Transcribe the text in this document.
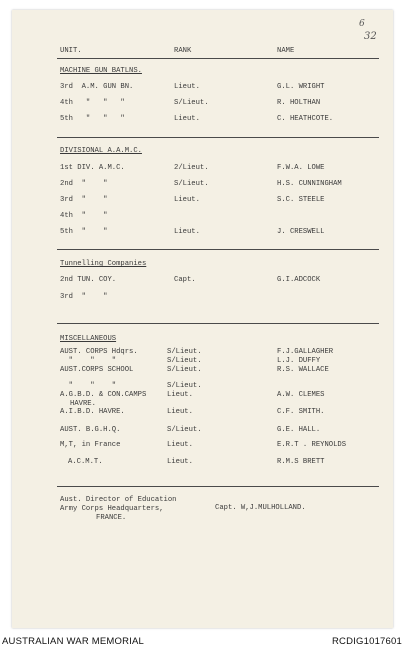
6
32
UNIT.	RANK	NAME
MACHINE GUN BATLNS.
3rd  A.M. GUN BN.	Lieut.	G.L. WRIGHT
4th   "   "   "	S/Lieut.	R. HOLTHAN
5th   "   "   "	Lieut.	C. HEATHCOTE.
DIVISIONAL A.A.M.C.
1st DIV. A.M.C.	2/Lieut.	F.W.A. LOWE
2nd  "    "	S/Lieut.	H.S. CUNNINGHAM
3rd  "    "	Lieut.	S.C. STEELE
4th  "    "
5th  "    "	Lieut.	J. CRESWELL
Tunnelling Companies
2nd TUN. COY.	Capt.	G.I.ADCOCK
3rd  "    "
MISCELLANEOUS
AUST. CORPS Hdqrs.	S/Lieut.	F.J.GALLAGHER
"    "    "	S/Lieut.	L.J. DUFFY
AUST.CORPS SCHOOL	S/Lieut.	R.S. WALLACE
"    "    "	S/Lieut.
A.G.B.D. & CON.CAMPS	Lieut.	A.W. CLEMES
HAVRE.
A.I.B.D. HAVRE.	Lieut.	C.F. SMITH.
AUST. B.G.H.Q.	S/Lieut.	G.E. HALL.
M,T, in France	Lieut.	E.R.T . REYNOLDS
A.C.M.T.	Lieut.	R.M.S BRETT
Aust. Director of Education
Army Corps Headquarters,
FRANCE.
Capt. W,J.MULHOLLAND.
AUSTRALIAN WAR MEMORIAL	RCDIG1017601
